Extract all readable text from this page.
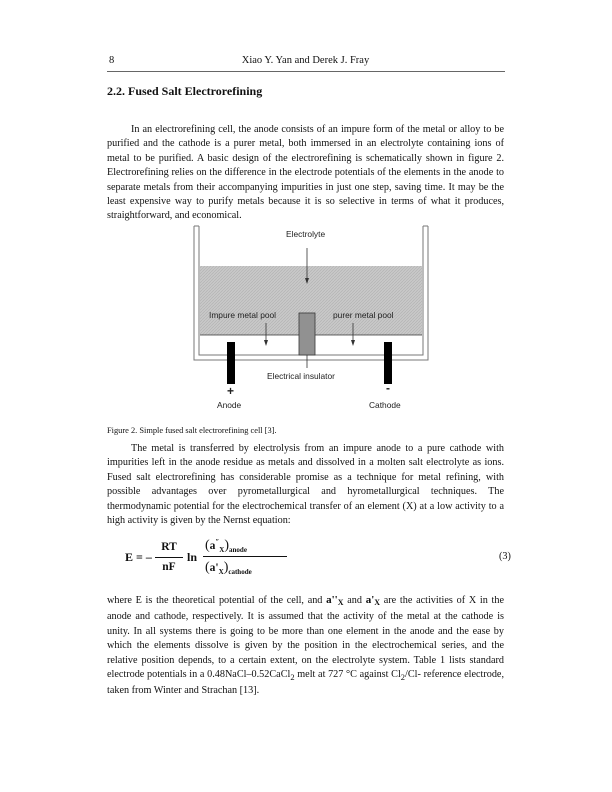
8	Xiao Y. Yan and Derek J. Fray
2.2. Fused Salt Electrorefining
In an electrorefining cell, the anode consists of an impure form of the metal or alloy to be purified and the cathode is a purer metal, both immersed in an electrolyte containing ions of metal to be purified. A basic design of the electrorefining is schematically shown in figure 2. Electrorefining relies on the difference in the electrode potentials of the elements in the anode to separate metals from their accompanying impurities in just one step, saving time. It may be the least expensive way to purify metals because it is so selective in terms of what it produces, straightforward, and economical.
Electrolyte
Impure metal pool	purer metal pool
Electrical insulator
+	-
Anode	Cathode
Figure 2. Simple fused salt electrorefining cell [3].
The metal is transferred by electrolysis from an impure anode to a pure cathode with impurities left in the anode residue as metals and dissolved in a molten salt electrolyte as ions. Fused salt electrorefining has considerable promise as a technique for metal refining, with possible advantages over pyrometallurgical and hyrometallurgical techniques. The thermodynamic potential for the electrochemical transfer of an element (X) at a low activity to a high activity is given by the Nernst equation:
E = –
RT
nF
ln
$(a''_X)_{anode}$
$(a'_X)_{cathode}$
(3)
where E is the theoretical potential of the cell, and a''X and a'X are the activities of X in the anode and cathode, respectively. It is assumed that the activity of the metal at the cathode is unity. In all systems there is going to be more than one element in the anode and the ease by which the elements dissolve is given by the position in the electrochemical series, and the relative position depends, to a certain extent, on the electrolyte system. Table 1 lists standard electrode potentials in a 0.48NaCl–0.52CaCl$_2$ melt at 727 °C against $Cl_2/Cl-$ reference electrode, taken from Winter and Strachan [13].
